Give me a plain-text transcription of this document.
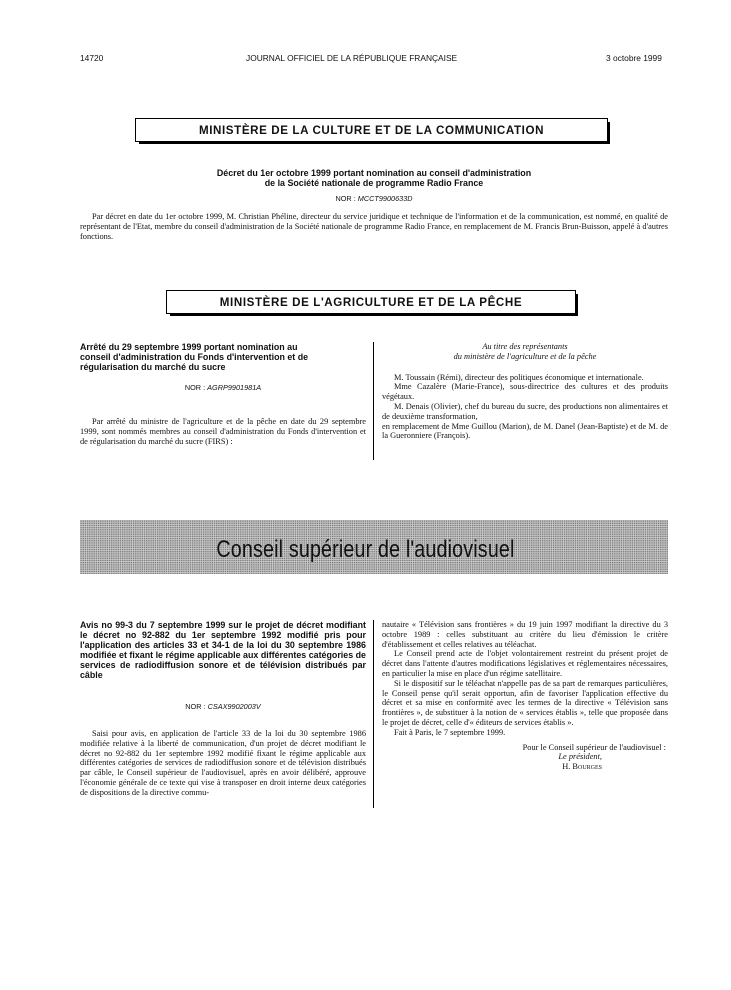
14720	JOURNAL OFFICIEL DE LA RÉPUBLIQUE FRANÇAISE	3 octobre 1999
MINISTÈRE DE LA CULTURE ET DE LA COMMUNICATION
Décret du 1er octobre 1999 portant nomination au conseil d'administration
de la Société nationale de programme Radio France
NOR : MCCT9900633D

Par décret en date du 1er octobre 1999, M. Christian Phéline, directeur du service juridique et technique de l'information et de la communication, est nommé, en qualité de représentant de l'Etat, membre du conseil d'administration de la Société nationale de programme Radio France, en remplacement de M. Francis Brun-Buisson, appelé à d'autres fonctions.

MINISTÈRE DE L'AGRICULTURE ET DE LA PÊCHE
Arrêté du 29 septembre 1999 portant nomination au
conseil d'administration du Fonds d'intervention et de
régularisation du marché du sucre
NOR : AGRP9901981A

Par arrêté du ministre de l'agriculture et de la pêche en date du 29 septembre 1999, sont nommés membres au conseil d'administration du Fonds d'intervention et de régularisation du marché du sucre (FIRS) :

Au titre des représentants
du ministère de l'agriculture et de la pêche

M. Toussain (Rémi), directeur des politiques économique et internationale.

Mme Cazalère (Marie-France), sous-directrice des cultures et des produits végétaux.

M. Denais (Olivier), chef du bureau du sucre, des productions non alimentaires et de deuxième transformation,

en remplacement de Mme Guillou (Marion), de M. Danel (Jean-Baptiste) et de M. de la Gueronniere (François).

Conseil supérieur de l'audiovisuel
Avis no 99-3 du 7 septembre 1999 sur le projet de décret modifiant le décret no 92-882 du 1er septembre 1992 modifié pris pour l'application des articles 33 et 34-1 de la loi du 30 septembre 1986 modifiée et fixant le régime applicable aux différentes catégories de services de radiodiffusion sonore et de télévision distribués par câble
NOR : CSAX9902003V

Saisi pour avis, en application de l'article 33 de la loi du 30 septembre 1986 modifiée relative à la liberté de communication, d'un projet de décret modifiant le décret no 92-882 du 1er septembre 1992 modifié fixant le régime applicable aux différentes catégories de services de radiodiffusion sonore et de télévision distribués par câble, le Conseil supérieur de l'audiovisuel, après en avoir délibéré, approuve l'économie générale de ce texte qui vise à transposer en droit interne deux catégories de dispositions de la directive commu-

nautaire « Télévision sans frontières » du 19 juin 1997 modifiant la directive du 3 octobre 1989 : celles substituant au critère du lieu d'émission le critère d'établissement et celles relatives au téléachat.

Le Conseil prend acte de l'objet volontairement restreint du présent projet de décret dans l'attente d'autres modifications législatives et réglementaires nécessaires, en particulier la mise en place d'un régime satellitaire.

Si le dispositif sur le téléachat n'appelle pas de sa part de remarques particulières, le Conseil pense qu'il serait opportun, afin de favoriser l'application effective du décret et sa mise en conformité avec les termes de la directive « Télévision sans frontières », de substituer à la notion de « services établis », telle que proposée dans le projet de décret, celle d'« éditeurs de services établis ».

Fait à Paris, le 7 septembre 1999.

Pour le Conseil supérieur de l'audiovisuel :
Le président,
H. Bourges
